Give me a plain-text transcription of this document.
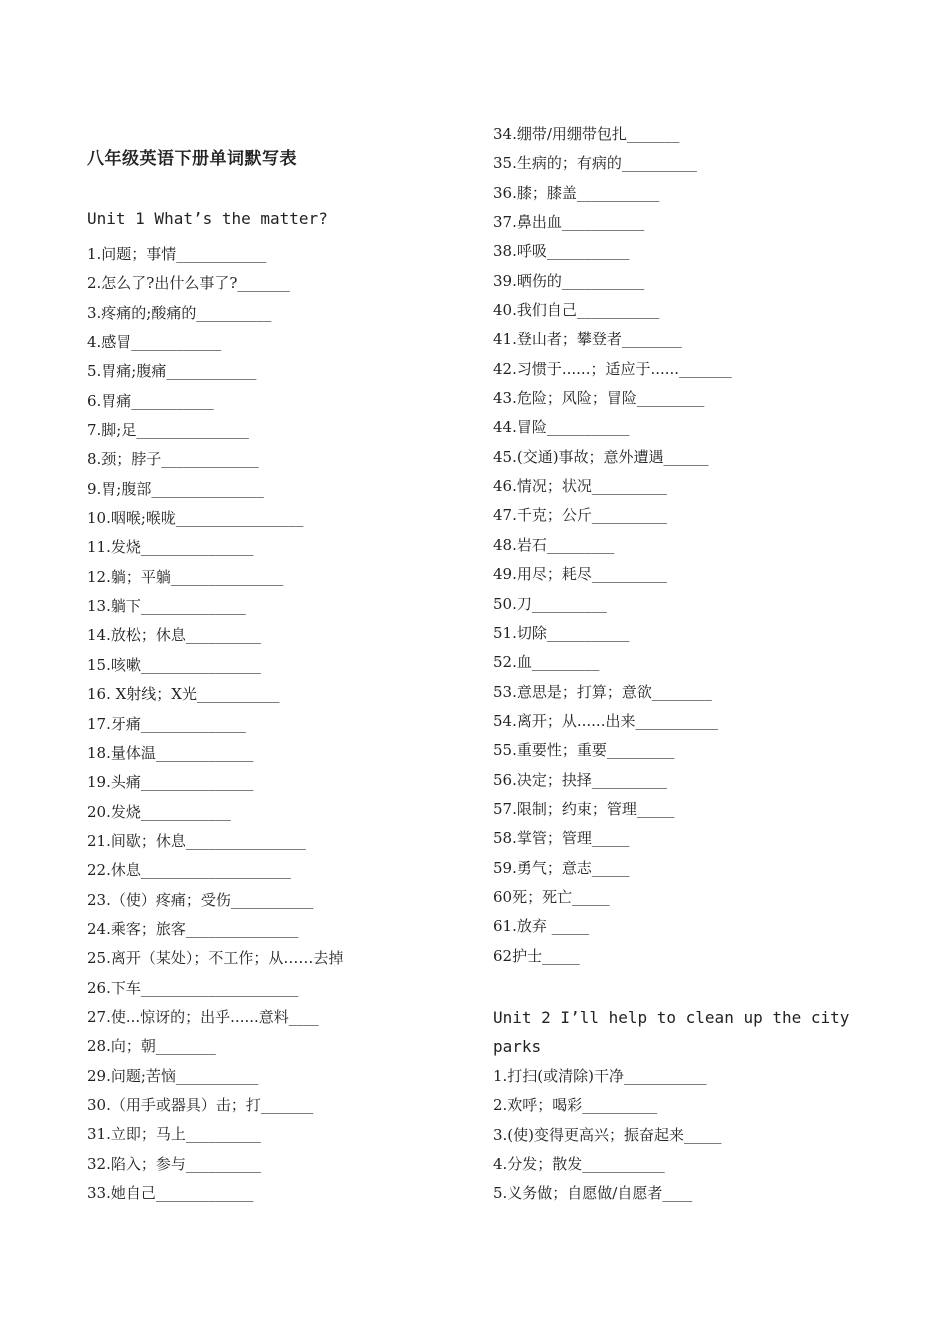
八年级英语下册单词默写表
Unit 1 What’s the matter?
1.问题；事情____________
2.怎么了?出什么事了?_______
3.疼痛的;酸痛的__________
4.感冒____________
5.胃痛;腹痛____________
6.胃痛___________
7.脚;足_______________
8.颈；脖子_____________
9.胃;腹部_______________
10.咽喉;喉咙_________________
11.发烧_______________
12.躺；平躺_______________
13.躺下______________
14.放松；休息__________
15.咳嗽________________
16. X射线；X光___________
17.牙痛______________
18.量体温_____________
19.头痛_______________
20.发烧____________
21.间歇；休息________________
22.休息____________________
23.（使）疼痛；受伤___________
24.乘客；旅客_______________
25.离开（某处）；不工作；从……去掉
26.下车_____________________
27.使...惊讶的；出乎......意料____
28.向；朝________
29.问题;苦恼___________
30.（用手或器具）击；打_______
31.立即；马上__________
32.陷入；参与__________
33.她自己_____________
34.绷带/用绷带包扎_______
35.生病的；有病的__________
36.膝；膝盖___________
37.鼻出血___________
38.呼吸___________
39.晒伤的___________
40.我们自己___________
41.登山者；攀登者________
42.习惯于......；适应于......_______
43.危险；风险；冒险_________
44.冒险___________
45.(交通)事故；意外遭遇______
46.情况；状况__________
47.千克；公斤__________
48.岩石_________
49.用尽；耗尽__________
50.刀__________
51.切除___________
52.血_________
53.意思是；打算；意欲________
54.离开；从......出来___________
55.重要性；重要_________
56.决定；抉择__________
57.限制；约束；管理_____
58.掌管；管理_____
59.勇气；意志_____
60死；死亡_____
61.放弃 _____
62护士_____
Unit 2 I’ll help to clean up the city parks
1.打扫(或清除)干净___________
2.欢呼；喝彩__________
3.(使)变得更高兴；振奋起来_____
4.分发；散发___________
5.义务做；自愿做/自愿者____
